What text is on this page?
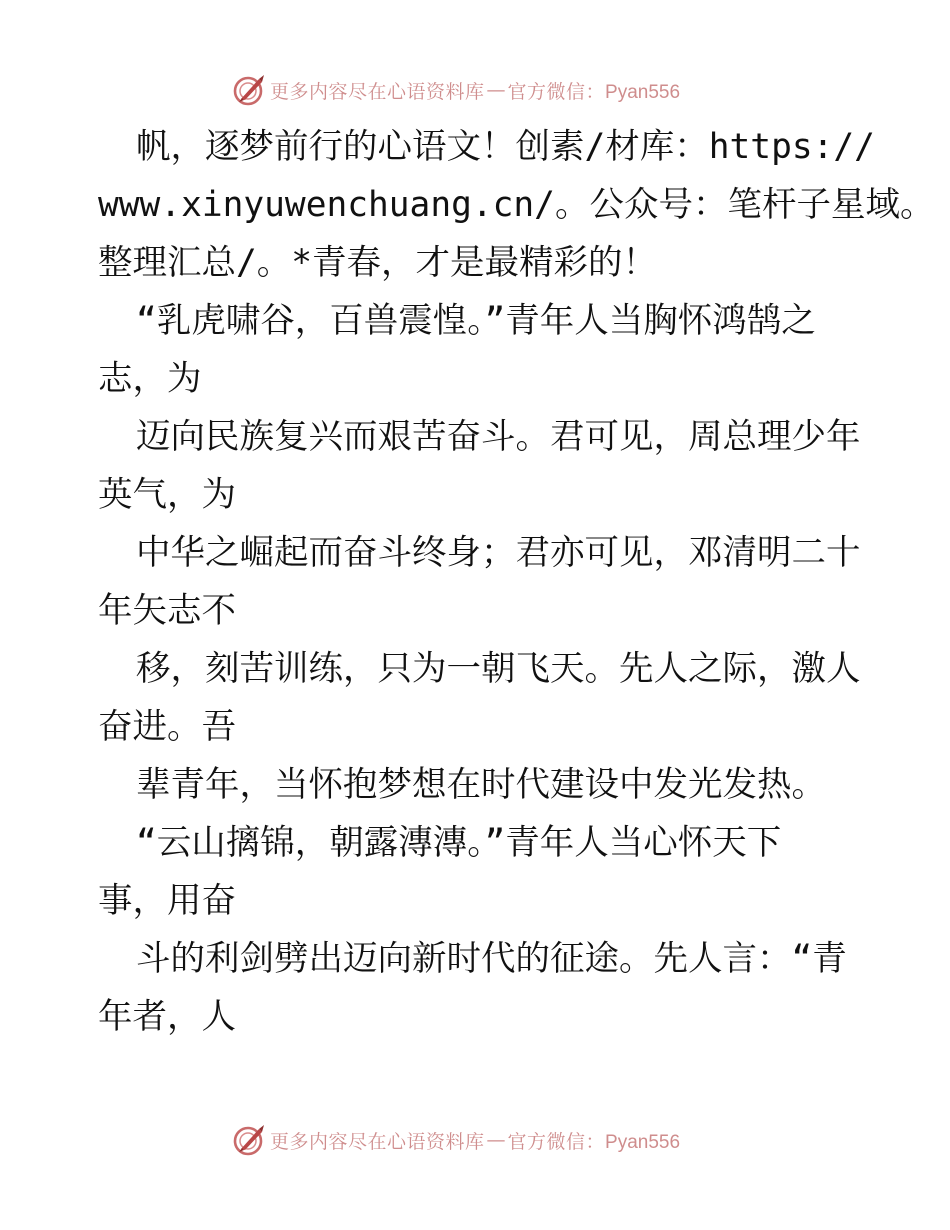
更多内容尽在心语资料库 — 官方微信：Pyan556
帆，逐梦前行的心语文！创素/材库：https://
www.xinyuwenchuang.cn/。公众号：笔杆子星域。
整理汇总/。*青春，才是最精彩的！
“乳虎啸谷，百兽震惶。”青年人当胸怀鸿鹄之
志，为
迈向民族复兴而艰苦奋斗。君可见，周总理少年
英气，为
中华之崛起而奋斗终身；君亦可见，邓清明二十
年矢志不
移，刻苦训练，只为一朝飞天。先人之际，激人
奋进。吾
辈青年，当怀抱梦想在时代建设中发光发热。
“云山摛锦，朝露漙漙。”青年人当心怀天下
事，用奋
斗的利剑劈出迈向新时代的征途。先人言：“青
年者，人
更多内容尽在心语资料库 — 官方微信：Pyan556
